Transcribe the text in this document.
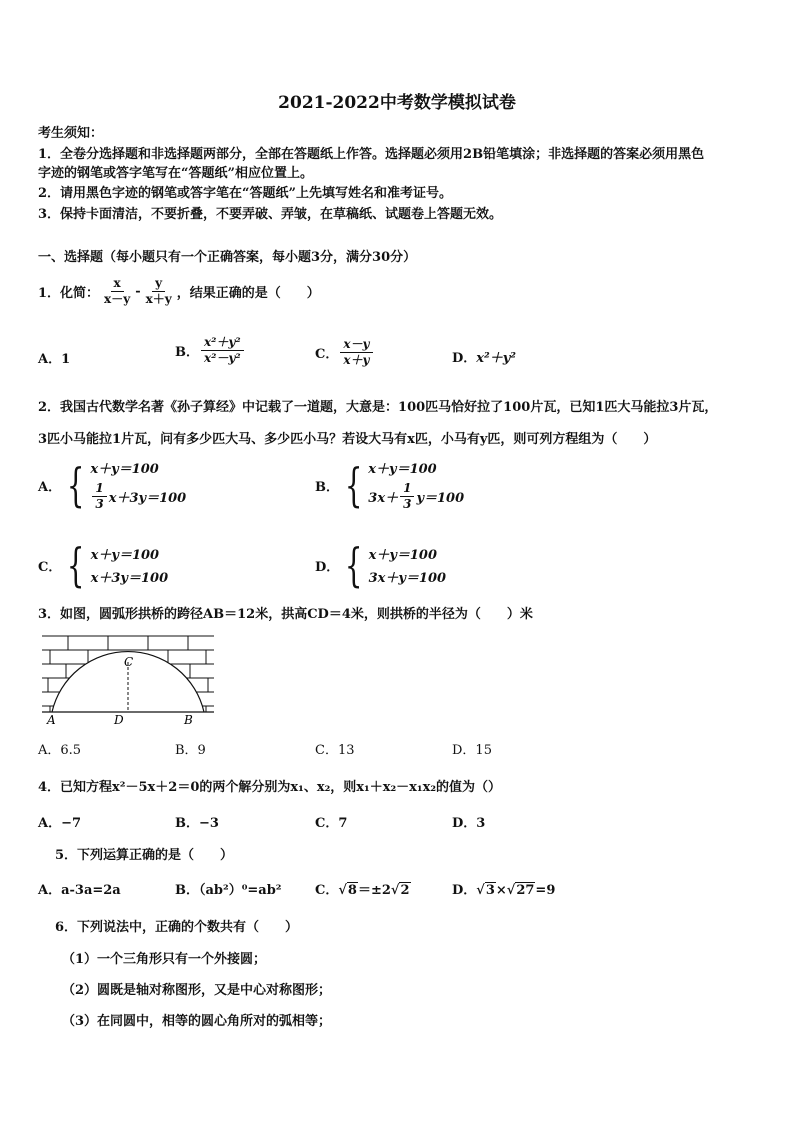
2021-2022中考数学模拟试卷
考生须知：
1．全卷分选择题和非选择题两部分，全部在答题纸上作答。选择题必须用2B铅笔填涂；非选择题的答案必须用黑色
字迹的钢笔或答字笔写在“答题纸”相应位置上。
2．请用黑色字迹的钢笔或答字笔在“答题纸”上先填写姓名和准考证号。
3．保持卡面清洁，不要折叠，不要弄破、弄皱，在草稿纸、试题卷上答题无效。
一、选择题（每小题只有一个正确答案，每小题3分，满分30分）
1．化简： $\frac{x}{x-y} - \frac{y}{x+y}$ ，结果正确的是（　　）
A．1	B． $\frac{\text{x²＋y²}}{\text{x²－y²}}$	C． $\frac{x-y}{x+y}$	D．x²＋y²
2．我国古代数学名著《孙子算经》中记载了一道题，大意是：100匹马恰好拉了100片瓦，已知1匹大马能拉3片瓦，
3匹小马能拉1片瓦，问有多少匹大马、多少匹小马？若设大马有x匹，小马有y匹，则可列方程组为（　　）
A． { x＋y＝100
$\frac{1}{3} x+3y=100$
B． { x＋y＝100
$3x+ \frac{1}{3} y=100$
C． { x＋y＝100
x＋3y＝100
D． { x＋y＝100
3x＋y＝100
3．如图，圆弧形拱桥的跨径AB＝12米，拱高CD＝4米，则拱桥的半径为（　　）米
A	D	B
C
A．6.5	B．9	C．13	D．15
4．已知方程x²－5x＋2＝0的两个解分别为x₁、x₂，则x₁＋x₂－x₁x₂的值为（）
A．−7	B．−3	C．7	D．3
5．下列运算正确的是（　　）
A．a-3a=2a	B．（ab²）⁰=ab²	C．√8＝±2√2	D．√3×√27=9
6．下列说法中，正确的个数共有（　　）
（1）一个三角形只有一个外接圆；
（2）圆既是轴对称图形，又是中心对称图形；
（3）在同圆中，相等的圆心角所对的弧相等；
